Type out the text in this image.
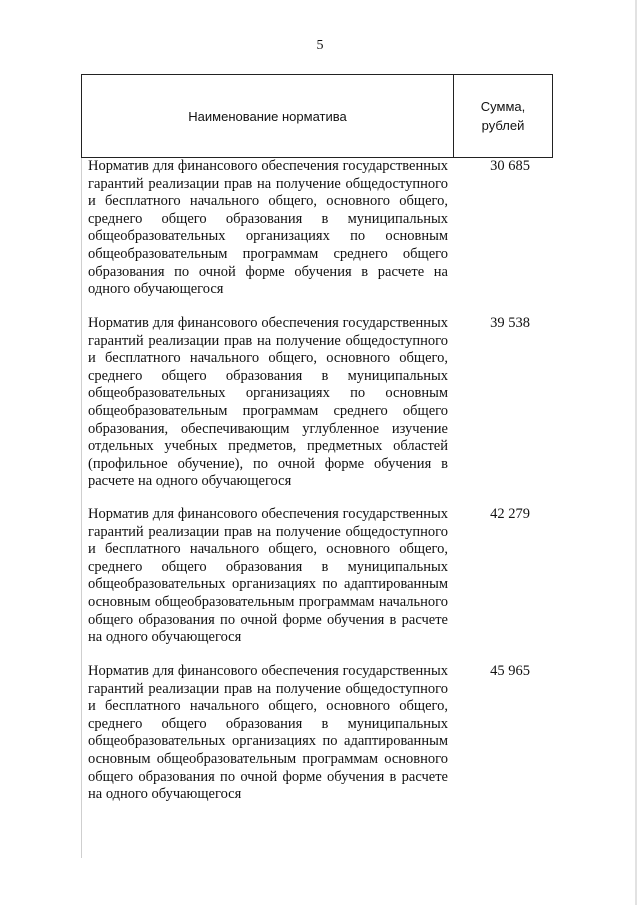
5
Наименование норматива
Сумма,
рублей

Норматив для финансового обеспечения государственных гарантий реализации прав на получение общедоступного и бесплатного начального общего, основного общего, среднего общего образования в муниципальных общеобразовательных организациях по основным общеобразовательным программам среднего общего образования по очной форме обучения в расчете на одного обучающегося

30 685

Норматив для финансового обеспечения государственных гарантий реализации прав на получение общедоступного и бесплатного начального общего, основного общего, среднего общего образования в муниципальных общеобразовательных организациях по основным общеобразовательным программам среднего общего образования, обеспечивающим углубленное изучение отдельных учебных предметов, предметных областей (профильное обучение), по очной форме обучения в расчете на одного обучающегося

39 538

Норматив для финансового обеспечения государственных гарантий реализации прав на получение общедоступного и бесплатного начального общего, основного общего, среднего общего образования в муниципальных общеобразовательных организациях по адаптированным основным общеобразовательным программам начального общего образования по очной форме обучения в расчете на одного обучающегося

42 279

Норматив для финансового обеспечения государственных гарантий реализации прав на получение общедоступного и бесплатного начального общего, основного общего, среднего общего образования в муниципальных общеобразовательных организациях по адаптированным основным общеобразовательным программам основного общего образования по очной форме обучения в расчете на одного обучающегося

45 965
